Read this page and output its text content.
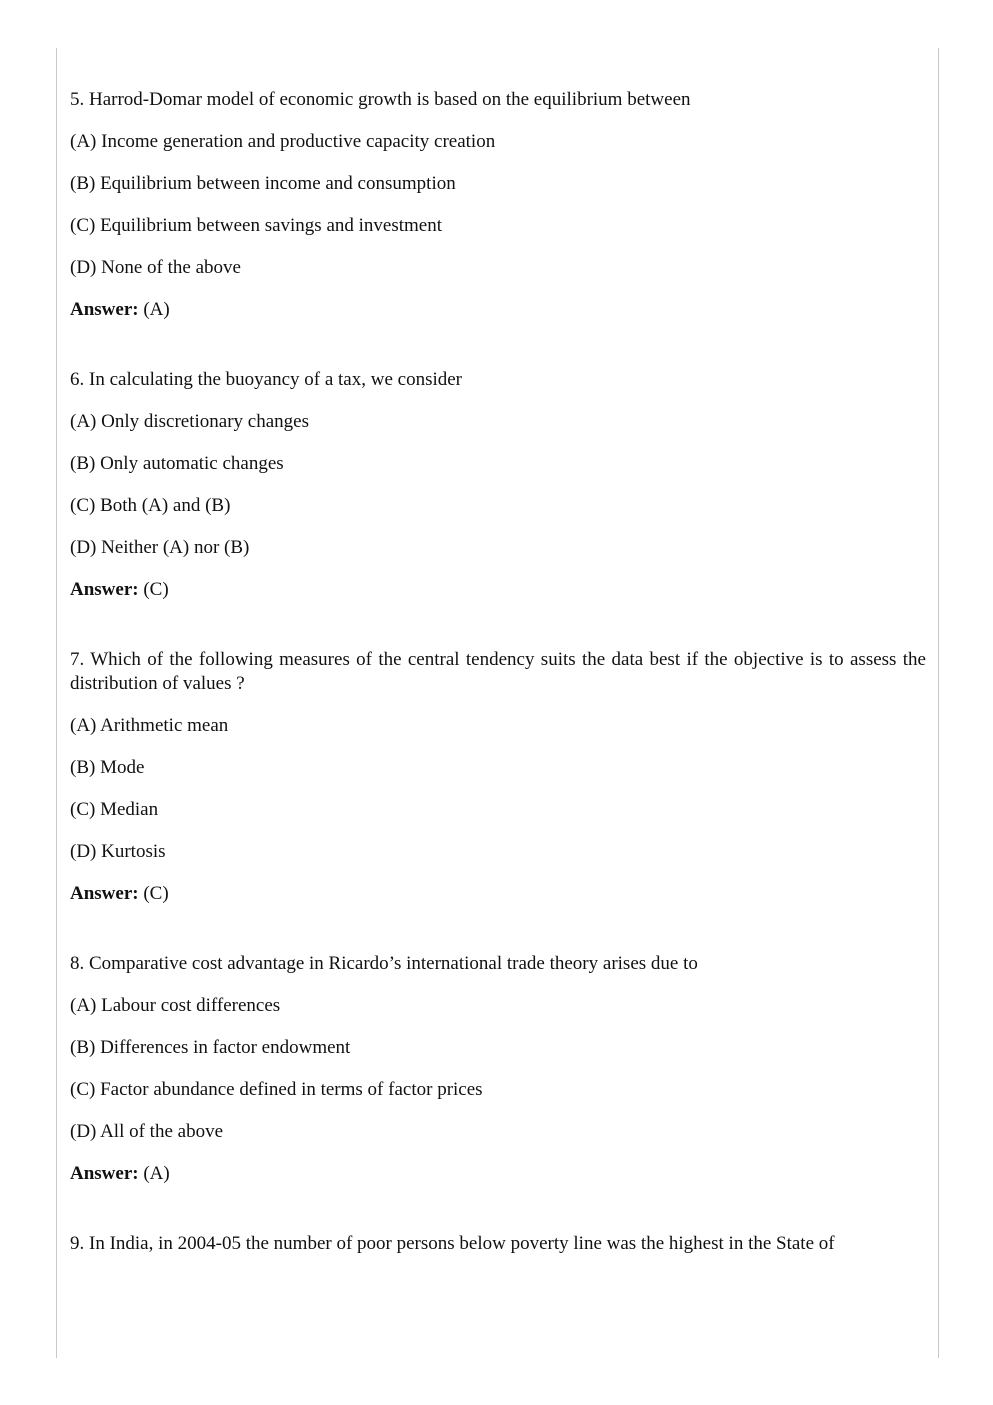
5. Harrod-Domar model of economic growth is based on the equilibrium between

(A) Income generation and productive capacity creation

(B) Equilibrium between income and consumption

(C) Equilibrium between savings and investment

(D) None of the above

Answer: (A)

6. In calculating the buoyancy of a tax, we consider

(A) Only discretionary changes

(B) Only automatic changes

(C) Both (A) and (B)

(D) Neither (A) nor (B)

Answer: (C)

7. Which of the following measures of the central tendency suits the data best if the objective is to assess the distribution of values ?

(A) Arithmetic mean

(B) Mode

(C) Median

(D) Kurtosis

Answer: (C)

8. Comparative cost advantage in Ricardo’s international trade theory arises due to

(A) Labour cost differences

(B) Differences in factor endowment

(C) Factor abundance defined in terms of factor prices

(D) All of the above

Answer: (A)

9. In India, in 2004-05 the number of poor persons below poverty line was the highest in the State of
